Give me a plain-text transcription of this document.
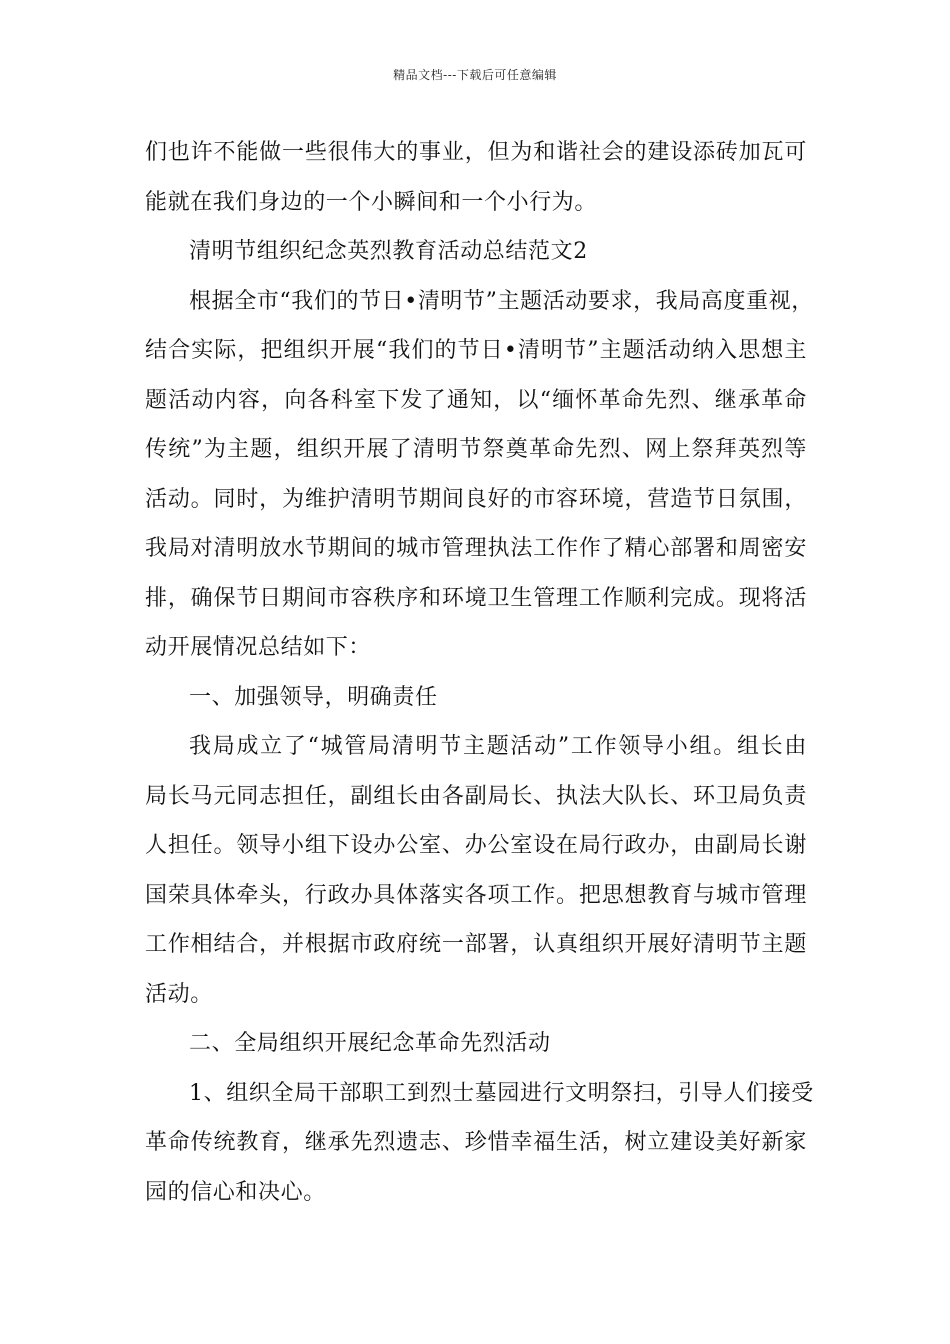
精品文档---下载后可任意编辑
们也许不能做一些很伟大的事业，但为和谐社会的建设添砖加瓦可
能就在我们身边的一个小瞬间和一个小行为。
清明节组织纪念英烈教育活动总结范文2
根据全市“我们的节日•清明节”主题活动要求，我局高度重视，
结合实际，把组织开展“我们的节日•清明节”主题活动纳入思想主
题活动内容，向各科室下发了通知，以“缅怀革命先烈、继承革命
传统”为主题，组织开展了清明节祭奠革命先烈、网上祭拜英烈等
活动。同时，为维护清明节期间良好的市容环境，营造节日氛围，
我局对清明放水节期间的城市管理执法工作作了精心部署和周密安
排，确保节日期间市容秩序和环境卫生管理工作顺利完成。现将活
动开展情况总结如下：
一、加强领导，明确责任
我局成立了“城管局清明节主题活动”工作领导小组。组长由
局长马元同志担任，副组长由各副局长、执法大队长、环卫局负责
人担任。领导小组下设办公室、办公室设在局行政办，由副局长谢
国荣具体牵头，行政办具体落实各项工作。把思想教育与城市管理
工作相结合，并根据市政府统一部署，认真组织开展好清明节主题
活动。
二、全局组织开展纪念革命先烈活动
1、组织全局干部职工到烈士墓园进行文明祭扫，引导人们接受
革命传统教育，继承先烈遗志、珍惜幸福生活，树立建设美好新家
园的信心和决心。
